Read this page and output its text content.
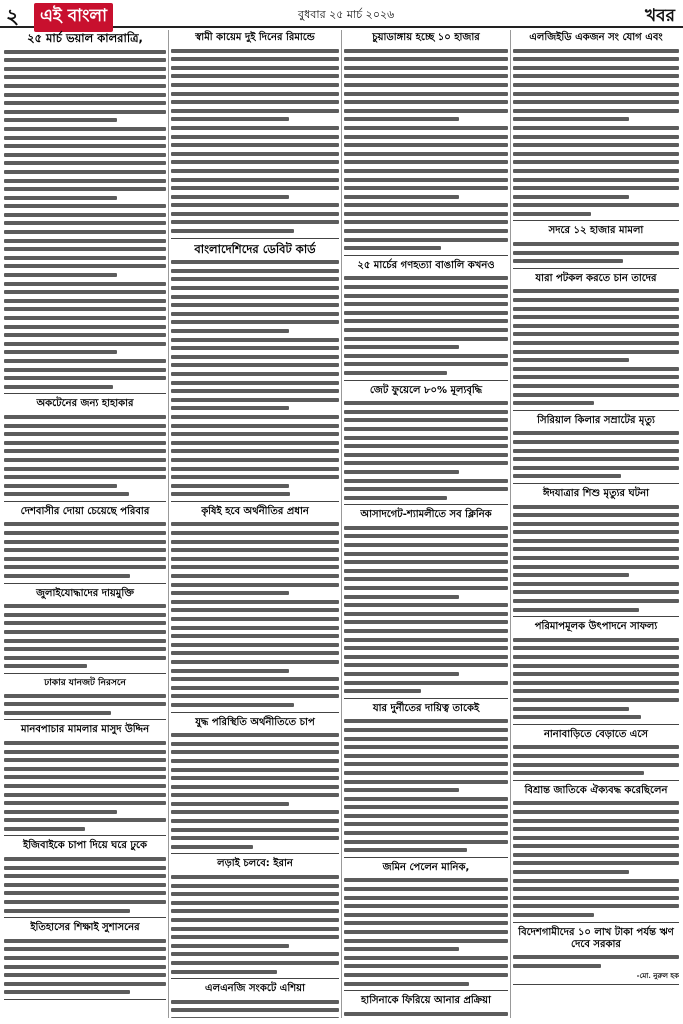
২	এই বাংলা	বুধবার ২৫ মার্চ ২০২৬	খবর
২৫ মার্চ ভয়াল কালরাত্রি,
অকটেনের জন্য হাহাকার
দেশবাসীর দোয়া চেয়েছে পরিবার
জুলাইযোদ্ধাদের দায়মুক্তি
ঢাকার যানজট নিরসনে
মানবপাচার মামলার মাসুদ উদ্দিন
ইজিবাইকে চাপা দিয়ে ঘরে ঢুকে
ইতিহাসের শিক্ষাই সুশাসনের
স্বামী কায়েম দুই দিনের রিমান্ডে
বাংলাদেশিদের ডেবিট কার্ড
কৃষিই হবে অর্থনীতির প্রধান
যুদ্ধ পরিস্থিতি অর্থনীতিতে চাপ
লড়াই চলবে: ইরান
এলএনজি সংকটে এশিয়া
চুয়াডাঙ্গায় হচ্ছে ১০ হাজার
২৫ মার্চের গণহত্যা বাঙালি কখনও
জেট ফুয়েলে ৮০% মূল্যবৃদ্ধি
আসাদগেট-শ্যামলীতে সব ক্লিনিক
যার দুর্নীতের দায়িত্ব তাকেই
জমিন পেলেন মানিক,
হাসিনাকে ফিরিয়ে আনার প্রক্রিয়া
এলজিইডি একজন সং যোগ এবং
সদরে ১২ হাজার মামলা
যারা পটকল করতে চান তাদের
সিরিয়াল কিলার সম্রাটের মৃত্যু
ঈদযাত্রার শিশু মৃত্যুর ঘটনা
পরিমাপমূলক উৎপাদনে সাফল্য
নানাবাড়িতে বেড়াতে এসে
বিশ্রান্ত জাতিকে ঐক্যবদ্ধ করেছিলেন
বিদেশগামীদের ১০ লাখ টাকা পর্যন্ত ঋণ দেবে সরকার
-মো. নুরুল হক
